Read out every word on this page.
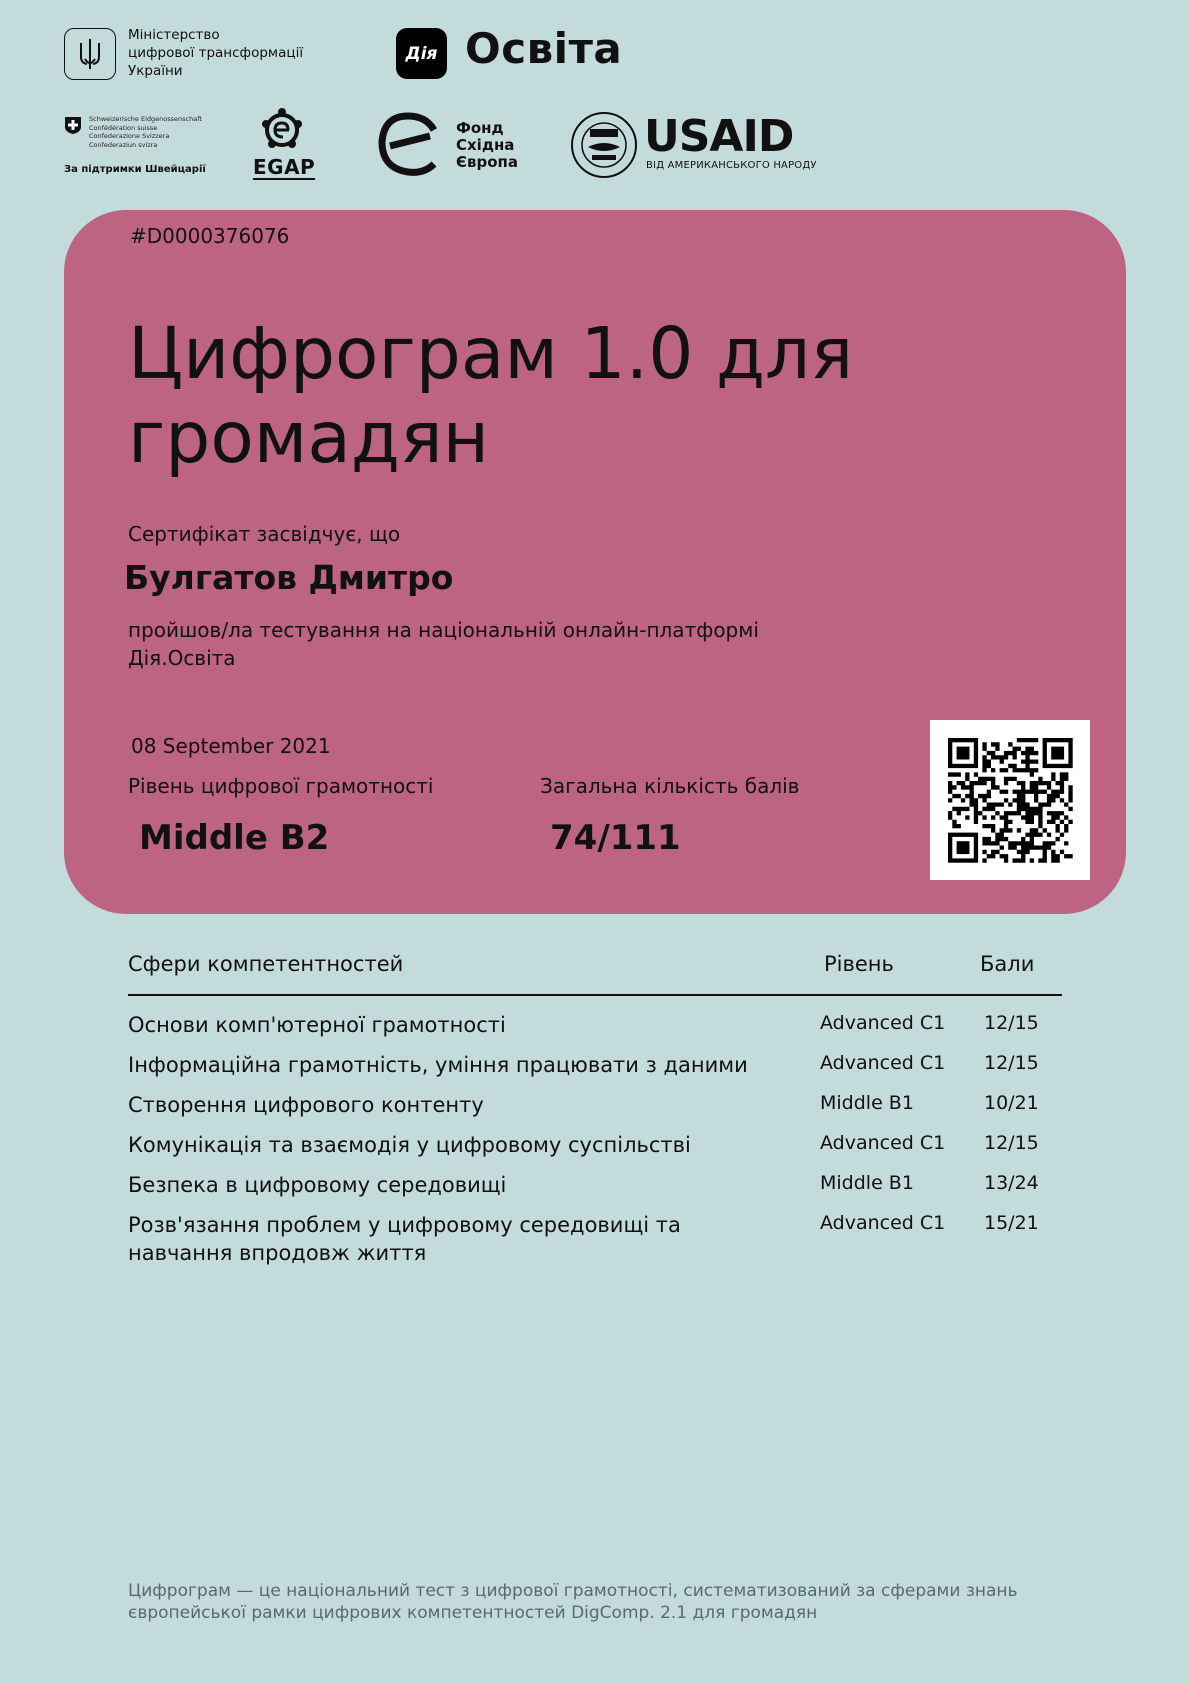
Міністерство
цифрової трансформації
України
Дія Освіта
Schweizerische Eidgenossenschaft
Confédération suisse
Confederazione Svizzera
Confederaziun svizra
За підтримки Швейцарії EGAP
Фонд
Східна
Європа	USAID
ВІД АМЕРИКАНСЬКОГО НАРОДУ
#D0000376076
Цифрограм 1.0 для
громадян
Сертифікат засвідчує, що
Булгатов Дмитро
пройшов/ла тестування на національній онлайн-платформі Дія.Освіта
08 September 2021
Рівень цифрової грамотності	Загальна кількість балів
Middle B2	74/111
Сфери компетентностей	Рівень	Бали
Основи комп'ютерної грамотності	Advanced C1 12/15
Інформаційна грамотність, уміння працювати з даними	Advanced C1 12/15
Створення цифрового контенту	Middle B1	10/21
Комунікація та взаємодія у цифровому суспільстві	Advanced C1 12/15
Безпека в цифровому середовищі	Middle B1	13/24
Розв'язання проблем у цифровому середовищі та навчання впродовж життя
Advanced C1 15/21
Цифрограм — це національний тест з цифрової грамотності, систематизований за сферами знань європейської рамки цифрових компетентностей DigComp. 2.1 для громадян
